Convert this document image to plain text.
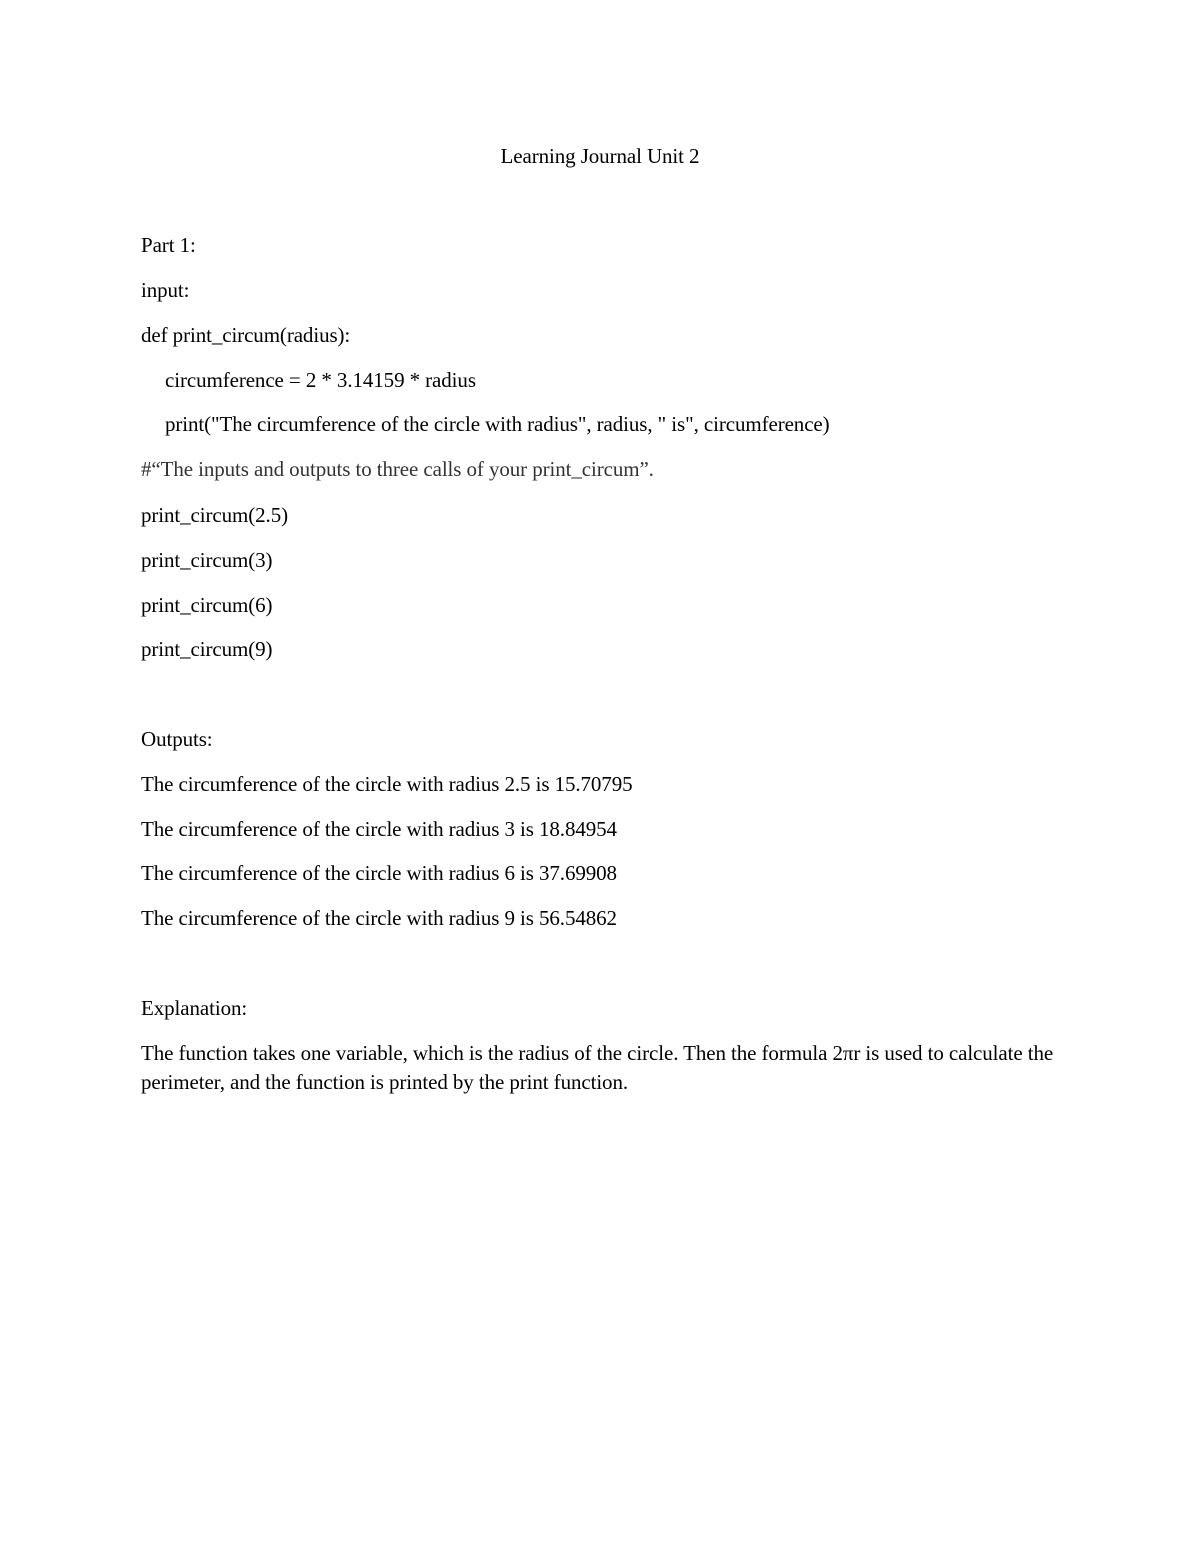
Learning Journal Unit 2
Part 1:
input:
def print_circum(radius):
circumference = 2 * 3.14159 * radius
print("The circumference of the circle with radius", radius, " is", circumference)
#“The inputs and outputs to three calls of your print_circum”.
print_circum(2.5)
print_circum(3)
print_circum(6)
print_circum(9)
Outputs:
The circumference of the circle with radius 2.5 is 15.70795
The circumference of the circle with radius 3 is 18.84954
The circumference of the circle with radius 6 is 37.69908
The circumference of the circle with radius 9 is 56.54862
Explanation:
The function takes one variable, which is the radius of the circle. Then the formula 2πr is used to calculate the perimeter, and the function is printed by the print function.
